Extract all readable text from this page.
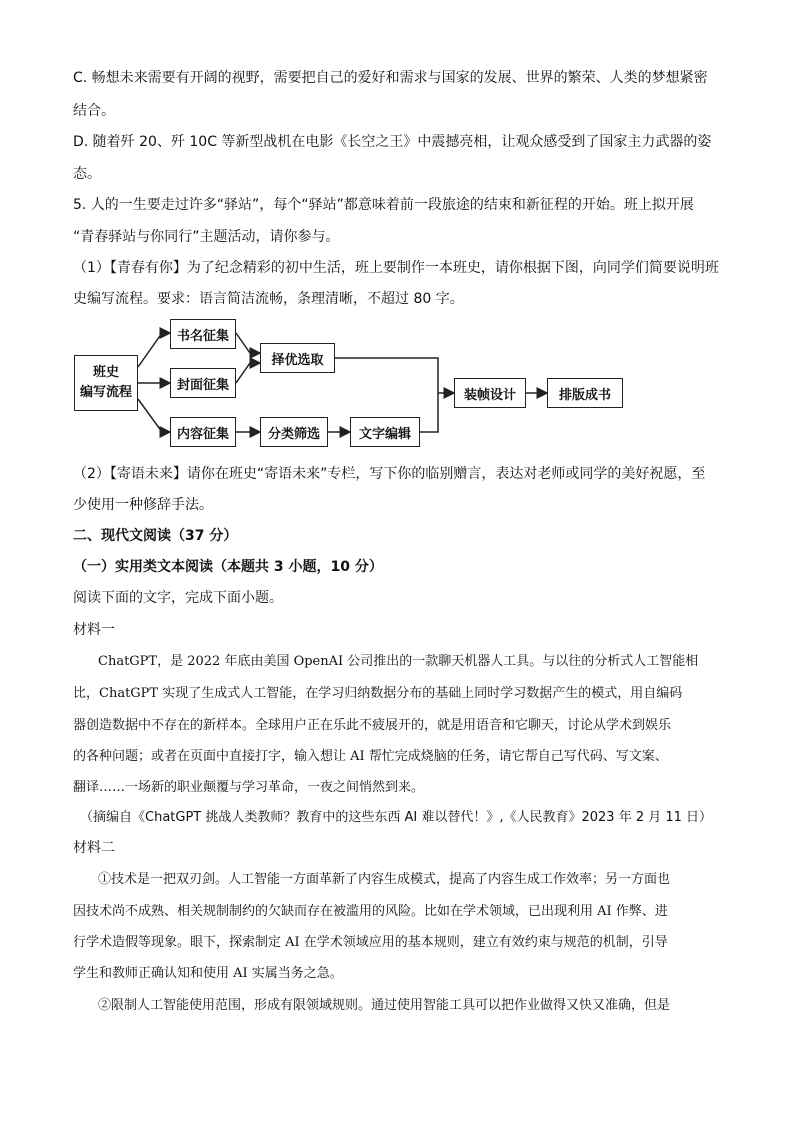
C. 畅想未来需要有开阔的视野，需要把自己的爱好和需求与国家的发展、世界的繁荣、人类的梦想紧密
结合。
D. 随着歼 20、歼 10C 等新型战机在电影《长空之王》中震撼亮相，让观众感受到了国家主力武器的姿
态。
5. 人的一生要走过许多“驿站”，每个“驿站”都意味着前一段旅途的结束和新征程的开始。班上拟开展
“青春驿站与你同行”主题活动，请你参与。
（1）【青春有你】为了纪念精彩的初中生活，班上要制作一本班史，请你根据下图，向同学们简要说明班
史编写流程。要求：语言简洁流畅，条理清晰，不超过 80 字。
班史
编写流程
书名征集
封面征集
内容征集
择优选取
分类筛选	文字编辑
装帧设计	排版成书
（2）【寄语未来】请你在班史“寄语未来”专栏，写下你的临别赠言，表达对老师或同学的美好祝愿，至
少使用一种修辞手法。
二、现代文阅读（37 分）
（一）实用类文本阅读（本题共 3 小题，10 分）
阅读下面的文字，完成下面小题。
材料一
ChatGPT，是 2022 年底由美国 OpenAI 公司推出的一款聊天机器人工具。与以往的分析式人工智能相
比，ChatGPT 实现了生成式人工智能，在学习归纳数据分布的基础上同时学习数据产生的模式，用自编码
器创造数据中不存在的新样本。全球用户正在乐此不疲展开的，就是用语音和它聊天，讨论从学术到娱乐
的各种问题；或者在页面中直接打字，输入想让 AI 帮忙完成烧脑的任务，请它帮自己写代码、写文案、
翻译……一场新的职业颠覆与学习革命，一夜之间悄然到来。
（摘编自《ChatGPT 挑战人类教师？教育中的这些东西 AI 难以替代！》,《人民教育》2023 年 2 月 11 日）
材料二
①技术是一把双刃剑。人工智能一方面革新了内容生成模式，提高了内容生成工作效率；另一方面也
因技术尚不成熟、相关规制制约的欠缺而存在被滥用的风险。比如在学术领域，已出现利用 AI 作弊、进
行学术造假等现象。眼下，探索制定 AI 在学术领域应用的基本规则，建立有效约束与规范的机制，引导
学生和教师正确认知和使用 AI 实属当务之急。
②限制人工智能使用范围，形成有限领域规则。通过使用智能工具可以把作业做得又快又准确，但是
